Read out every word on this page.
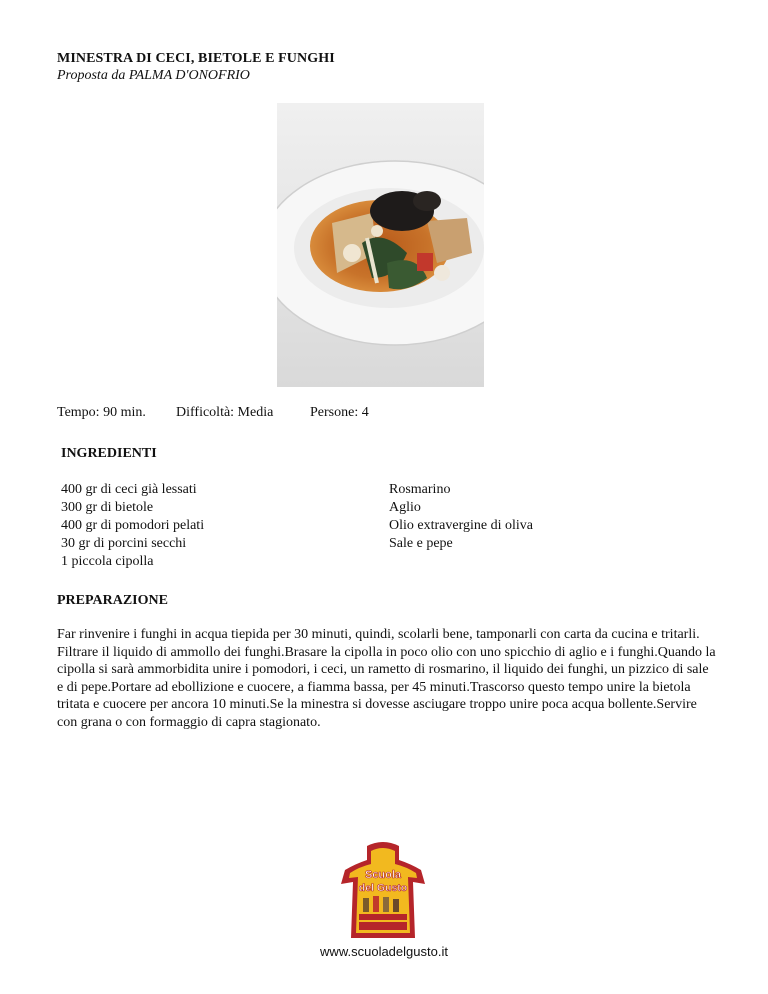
MINESTRA DI CECI, BIETOLE E FUNGHI
Proposta da PALMA D'ONOFRIO
Tempo: 90 min. Difficoltà: Media	Persone: 4
INGREDIENTI
400 gr di ceci già lessati
300 gr di bietole
400 gr di pomodori pelati
30 gr di porcini secchi
1 piccola cipolla
Rosmarino
Aglio
Olio extravergine di oliva
Sale e pepe
PREPARAZIONE

Far rinvenire i funghi in acqua tiepida per 30 minuti, quindi, scolarli bene, tamponarli con carta da cucina e tritarli. Filtrare il liquido di ammollo dei funghi.Brasare la cipolla in poco olio con uno spicchio di aglio e i funghi.Quando la cipolla si sarà ammorbidita unire i pomodori, i ceci, un rametto di rosmarino, il liquido dei funghi, un pizzico di sale e di pepe.Portare ad ebollizione e cuocere, a fiamma bassa, per 45 minuti.Trascorso questo tempo unire la bietola tritata e cuocere per ancora 10 minuti.Se la minestra si dovesse asciugare troppo unire poca acqua bollente.Servire con grana o con formaggio di capra stagionato.

Scuola
del Gusto
www.scuoladelgusto.it
